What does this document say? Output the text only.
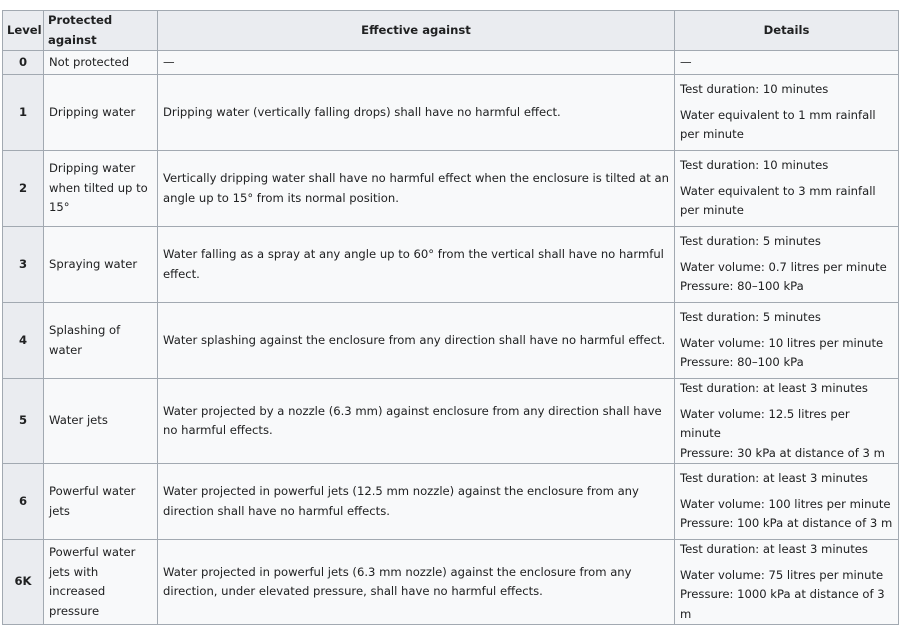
Level	Protected against	Effective against	Details
0	Not protected	—	—

1	Dripping water	Dripping water (vertically falling drops) shall have no harmful effect.	Test duration: 10 minutes
Water equivalent to 1 mm rainfall per minute

2	Dripping water when tilted up to 15°	Vertically dripping water shall have no harmful effect when the enclosure is tilted at an angle up to 15° from its normal position.	Test duration: 10 minutes
Water equivalent to 3 mm rainfall per minute

3	Spraying water	Water falling as a spray at any angle up to 60° from the vertical shall have no harmful effect.	Test duration: 5 minutes
Water volume: 0.7 litres per minute
Pressure: 80–100 kPa

4	Splashing of water	Water splashing against the enclosure from any direction shall have no harmful effect.	Test duration: 5 minutes
Water volume: 10 litres per minute
Pressure: 80–100 kPa

5	Water jets	Water projected by a nozzle (6.3 mm) against enclosure from any direction shall have no harmful effects.	Test duration: at least 3 minutes
Water volume: 12.5 litres per minute
Pressure: 30 kPa at distance of 3 m

6	Powerful water jets	Water projected in powerful jets (12.5 mm nozzle) against the enclosure from any direction shall have no harmful effects.	Test duration: at least 3 minutes
Water volume: 100 litres per minute
Pressure: 100 kPa at distance of 3 m

6K	Powerful water jets with increased pressure	Water projected in powerful jets (6.3 mm nozzle) against the enclosure from any direction, under elevated pressure, shall have no harmful effects.	Test duration: at least 3 minutes
Water volume: 75 litres per minute
Pressure: 1000 kPa at distance of 3 m
